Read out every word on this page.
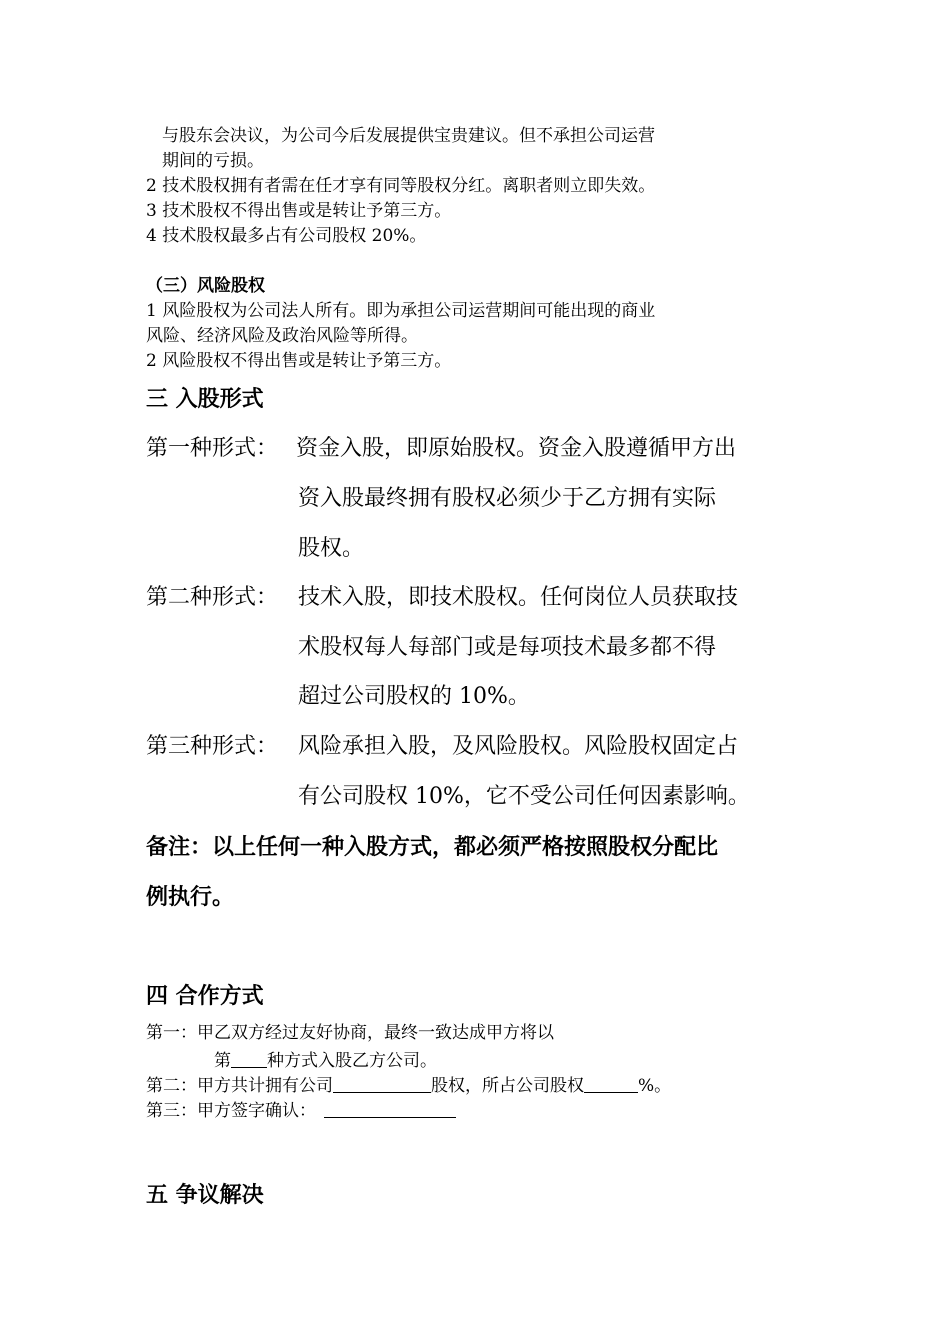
与股东会决议，为公司今后发展提供宝贵建议。但不承担公司运营
期间的亏损。
2 技术股权拥有者需在任才享有同等股权分红。离职者则立即失效。
3 技术股权不得出售或是转让予第三方。
4 技术股权最多占有公司股权 20%。
（三）风险股权
1 风险股权为公司法人所有。即为承担公司运营期间可能出现的商业
风险、经济风险及政治风险等所得。
2 风险股权不得出售或是转让予第三方。
三 入股形式
第一种形式： 资金入股，即原始股权。资金入股遵循甲方出
资入股最终拥有股权必须少于乙方拥有实际
股权。
第二种形式： 技术入股，即技术股权。任何岗位人员获取技
术股权每人每部门或是每项技术最多都不得
超过公司股权的 10%。
第三种形式： 风险承担入股，及风险股权。风险股权固定占
有公司股权 10%，它不受公司任何因素影响。
备注：以上任何一种入股方式，都必须严格按照股权分配比
例执行。
四 合作方式
第一：甲乙双方经过友好协商，最终一致达成甲方将以
第 种方式入股乙方公司。
第二：甲方共计拥有公司	股权，所占公司股权	%。
第三：甲方签字确认：
五 争议解决
